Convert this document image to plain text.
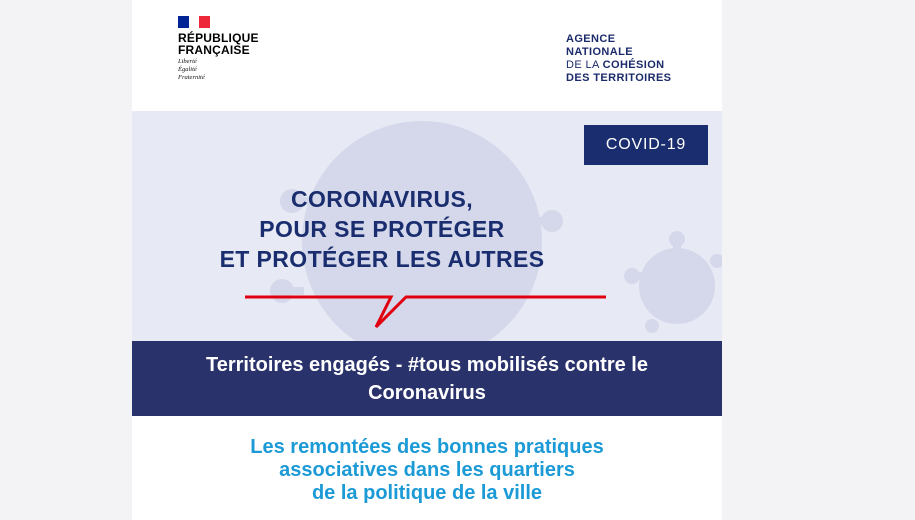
RÉPUBLIQUE
FRANÇAISE
Liberté
Égalité
Fraternité
AGENCE
NATIONALE
DE LA COHÉSION
DES TERRITOIRES
COVID-19
CORONAVIRUS,
POUR SE PROTÉGER
ET PROTÉGER LES AUTRES
Territoires engagés - #tous mobilisés contre le
Coronavirus
Les remontées des bonnes pratiques
associatives dans les quartiers
de la politique de la ville
